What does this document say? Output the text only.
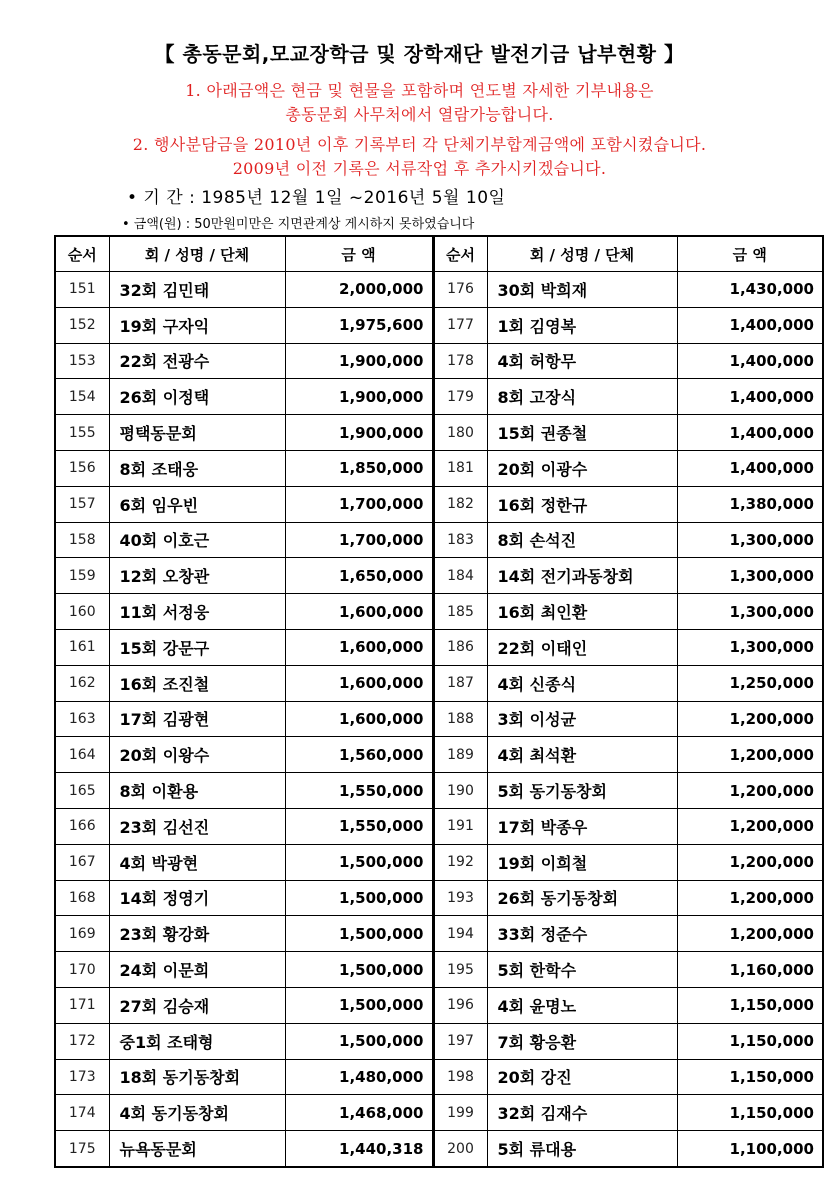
【 총동문회,모교장학금 및 장학재단 발전기금 납부현황 】
1. 아래금액은 현금 및 현물을 포함하며 연도별 자세한 기부내용은
총동문회 사무처에서 열람가능합니다.
2. 행사분담금을 2010년 이후 기록부터 각 단체기부합계금액에 포함시켰습니다.
2009년 이전 기록은 서류작업 후 추가시키겠습니다.
• 기 간 : 1985년 12월 1일 ~2016년 5월 10일
• 금액(원) : 50만원미만은 지면관계상 게시하지 못하였습니다
순서	회 / 성명 / 단체	금 액	순서	회 / 성명 / 단체	금 액
151	32회 김민태	2,000,000	176	30회 박희재	1,430,000
152	19회 구자익	1,975,600	177	1회 김영복	1,400,000
153	22회 전광수	1,900,000	178	4회 허항무	1,400,000
154	26회 이정택	1,900,000	179	8회 고장식	1,400,000
155	평택동문회	1,900,000	180	15회 권종철	1,400,000
156	8회 조태웅	1,850,000	181	20회 이광수	1,400,000
157	6회 임우빈	1,700,000	182	16회 정한규	1,380,000
158	40회 이호근	1,700,000	183	8회 손석진	1,300,000
159	12회 오창관	1,650,000	184	14회 전기과동창회	1,300,000
160	11회 서정웅	1,600,000	185	16회 최인환	1,300,000
161	15회 강문구	1,600,000	186	22회 이태인	1,300,000
162	16회 조진철	1,600,000	187	4회 신종식	1,250,000
163	17회 김광현	1,600,000	188	3회 이성균	1,200,000
164	20회 이왕수	1,560,000	189	4회 최석환	1,200,000
165	8회 이환용	1,550,000	190	5회 동기동창회	1,200,000
166	23회 김선진	1,550,000	191	17회 박종우	1,200,000
167	4회 박광현	1,500,000	192	19회 이희철	1,200,000
168	14회 정영기	1,500,000	193	26회 동기동창회	1,200,000
169	23회 황강화	1,500,000	194	33회 정준수	1,200,000
170	24회 이문희	1,500,000	195	5회 한학수	1,160,000
171	27회 김승재	1,500,000	196	4회 윤명노	1,150,000
172	중1회 조태형	1,500,000	197	7회 황응환	1,150,000
173	18회 동기동창회	1,480,000	198	20회 강진	1,150,000
174	4회 동기동창회	1,468,000	199	32회 김재수	1,150,000
175	뉴욕동문회	1,440,318	200	5회 류대용	1,100,000
